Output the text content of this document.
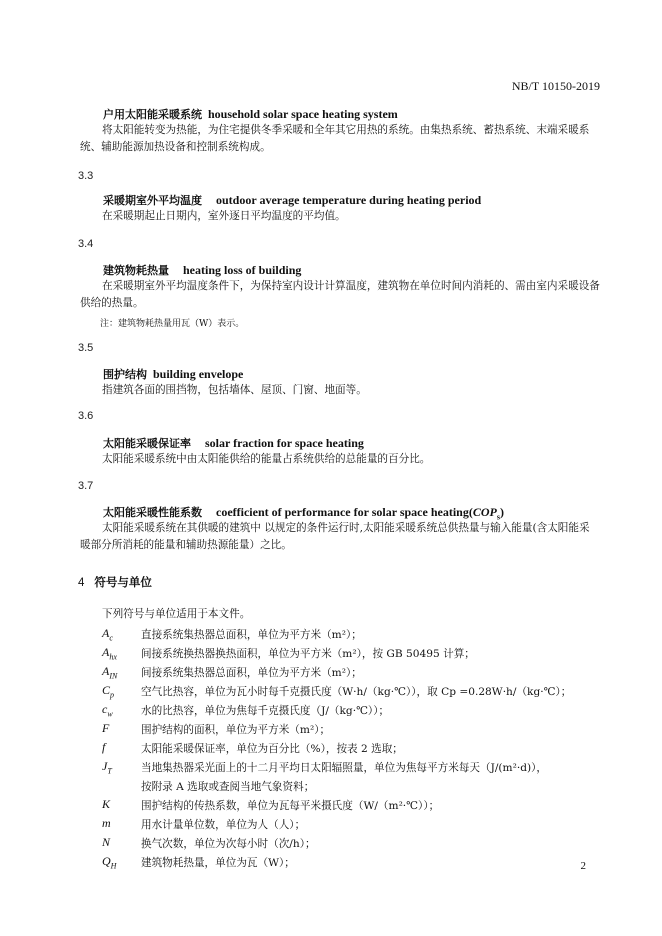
NB/T 10150-2019
户用太阳能采暖系统 household solar space heating system
将太阳能转变为热能，为住宅提供冬季采暖和全年其它用热的系统。由集热系统、蓄热系统、末端采暖系统、辅助能源加热设备和控制系统构成。
3.3
采暖期室外平均温度 outdoor average temperature during heating period
在采暖期起止日期内，室外逐日平均温度的平均值。
3.4
建筑物耗热量 heating loss of building
在采暖期室外平均温度条件下，为保持室内设计计算温度，建筑物在单位时间内消耗的、需由室内采暖设备供给的热量。
注：建筑物耗热量用瓦（W）表示。
3.5
围护结构 building envelope
指建筑各面的围挡物，包括墙体、屋顶、门窗、地面等。
3.6
太阳能采暖保证率 solar fraction for space heating
太阳能采暖系统中由太阳能供给的能量占系统供给的总能量的百分比。
3.7
太阳能采暖性能系数 coefficient of performance for solar space $heating(COP_s)$
太阳能采暖系统在其供暖的建筑中 以规定的条件运行时,太阳能采暖系统总供热量与输入能量(含太阳能采暖部分所消耗的能量和辅助热源能量）之比。
4 符号与单位
下列符号与单位适用于本文件。
$A_c$	直接系统集热器总面积，单位为平方米（m²）；
$A_{hx}$ 间接系统换热器换热面积，单位为平方米（m²），按 GB 50495 计算；
$A_{IN}$ 间接系统集热器总面积，单位为平方米（m²）；
$C_p$	空气比热容，单位为瓦小时每千克摄氏度（W·h/（kg·℃）），取 Cp =0.28W·h/（kg·℃）；
$c_w$	水的比热容，单位为焦每千克摄氏度（J/（kg·℃））；
F	围护结构的面积，单位为平方米（m²）；
f	太阳能采暖保证率，单位为百分比（%），按表 2 选取；
$J_T$	当地集热器采光面上的十二月平均日太阳辐照量，单位为焦每平方米每天（J/(m²·d)），
按附录 A 选取或查阅当地气象资料；
K	围护结构的传热系数，单位为瓦每平米摄氏度（W/（m²·℃））；
m	用水计量单位数，单位为人（人）；
N	换气次数，单位为次每小时（次/h）；
$Q_H$ 建筑物耗热量，单位为瓦（W）；	2
